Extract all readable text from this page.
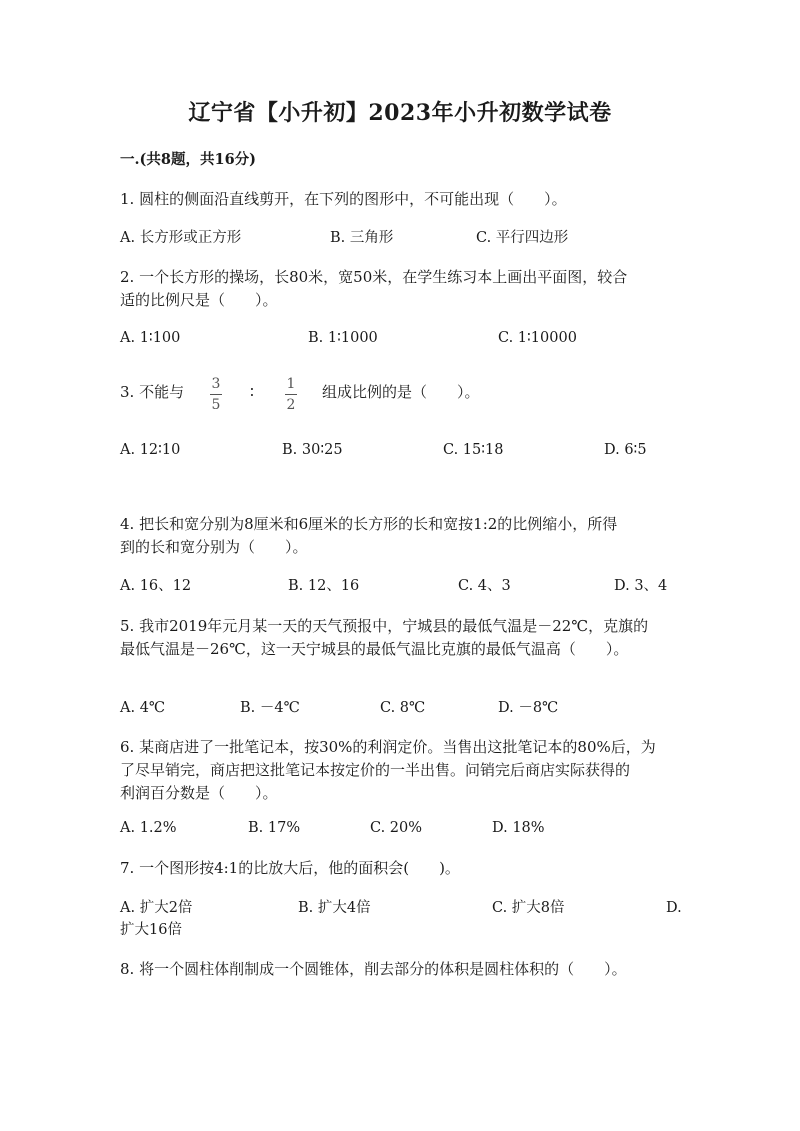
辽宁省【小升初】2023年小升初数学试卷
一.(共8题，共16分)
1. 圆柱的侧面沿直线剪开，在下列的图形中，不可能出现（　　）。
A. 长方形或正方形	B. 三角形	C. 平行四边形
2. 一个长方形的操场，长80米，宽50米，在学生练习本上画出平面图，较合
适的比例尺是（　　）。
A. 1∶100	B. 1∶1000	C. 1∶10000
3. 不能与 3
5
∶ 1
2
组成比例的是（　　）。
A. 12∶10	B. 30∶25	C. 15∶18	D. 6∶5
4. 把长和宽分别为8厘米和6厘米的长方形的长和宽按1:2的比例缩小，所得
到的长和宽分别为（　　）。
A. 16、12	B. 12、16	C. 4、3	D. 3、4
5. 我市2019年元月某一天的天气预报中，宁城县的最低气温是－22℃，克旗的
最低气温是－26℃，这一天宁城县的最低气温比克旗的最低气温高（　　）。
A. 4℃	B. －4℃	C. 8℃	D. －8℃
6. 某商店进了一批笔记本，按30%的利润定价。当售出这批笔记本的80%后，为
了尽早销完，商店把这批笔记本按定价的一半出售。问销完后商店实际获得的
利润百分数是（　　）。
A. 1.2%	B. 17%	C. 20%	D. 18%
7. 一个图形按4:1的比放大后，他的面积会(　　)。
A. 扩大2倍	B. 扩大4倍	C. 扩大8倍	D.
扩大16倍
8. 将一个圆柱体削制成一个圆锥体，削去部分的体积是圆柱体积的（　　）。
